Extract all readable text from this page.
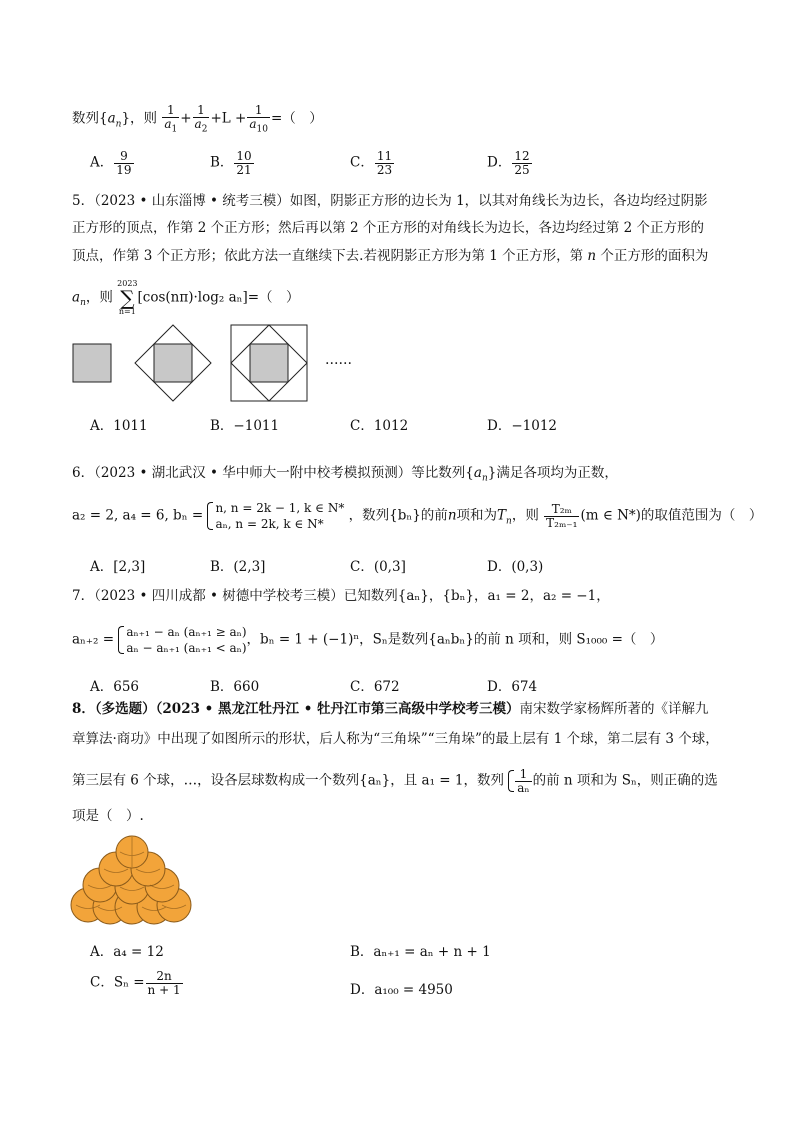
数列$\{a_n\}$，则 $\frac{1}{a_1} + \frac{1}{a_2} +L + \frac{1}{a_{10}}$ =（　）
A． $\frac{9}{19}$	B． $\frac{10}{21}$	C． $\frac{11}{23}$	D． $\frac{12}{25}$
5．（2023 • 山东淄博 • 统考三模）如图，阴影正方形的边长为 1，以其对角线长为边长，各边均经过阴影
正方形的顶点，作第 2 个正方形；然后再以第 2 个正方形的对角线长为边长，各边均经过第 2 个正方形的
顶点，作第 3 个正方形；依此方法一直继续下去.若视阴影正方形为第 1 个正方形，第 n 个正方形的面积为
$a_n$，则 2023
∑
n=1[cos(nπ)·log₂ aₙ]=（　）
……
A．1011	B．−1011	C．1012	D．−1012
6．（2023 • 湖北武汉 • 华中师大一附中校考模拟预测）等比数列$\{a_n\}$满足各项均为正数，
a₂ = 2, a₄ = 6, bₙ = n, n = 2k − 1, k ∈ N*
aₙ, n = 2k, k ∈ N*
，数列{bₙ}的前n项和为$T_n$，则 $\frac{\text{T₂ₘ}}{\text{T₂ₘ₋₁}} (m$ ∈ N*)的取值范围为（　）
A．[2,3]	B．(2,3]	C．(0,3]	D．(0,3)
7．（2023 • 四川成都 • 树德中学校考三模）已知数列{aₙ}，{bₙ}，a₁ = 2，a₂ = −1，
aₙ₊₂ = aₙ₊₁ − aₙ (aₙ₊₁ ≥ aₙ)
aₙ − aₙ₊₁ (aₙ₊₁ < aₙ)
，bₙ = 1 + (−1)ⁿ，Sₙ是数列{aₙbₙ}的前 n 项和，则 S₁₀₀₀ =（　）
A．656	B．660	C．672	D．674
8．（多选题）（2023 • 黑龙江牡丹江 • 牡丹江市第三高级中学校考三模）南宋数学家杨辉所著的《详解九
章算法·商功》中出现了如图所示的形状，后人称为“三角垛”“三角垛”的最上层有 1 个球，第二层有 3 个球，
第三层有 6 个球，…，设各层球数构成一个数列{aₙ}，且 a₁ = 1，数列 $\frac{1}{\text{aₙ}}$ 的前 n 项和为 Sₙ，则正确的选
项是（　）.
A．a₄ = 12	B．aₙ₊₁ = aₙ + n + 1
C．$S_n = \frac{2n}{n + 1}$	D．a₁₀₀ = 4950
